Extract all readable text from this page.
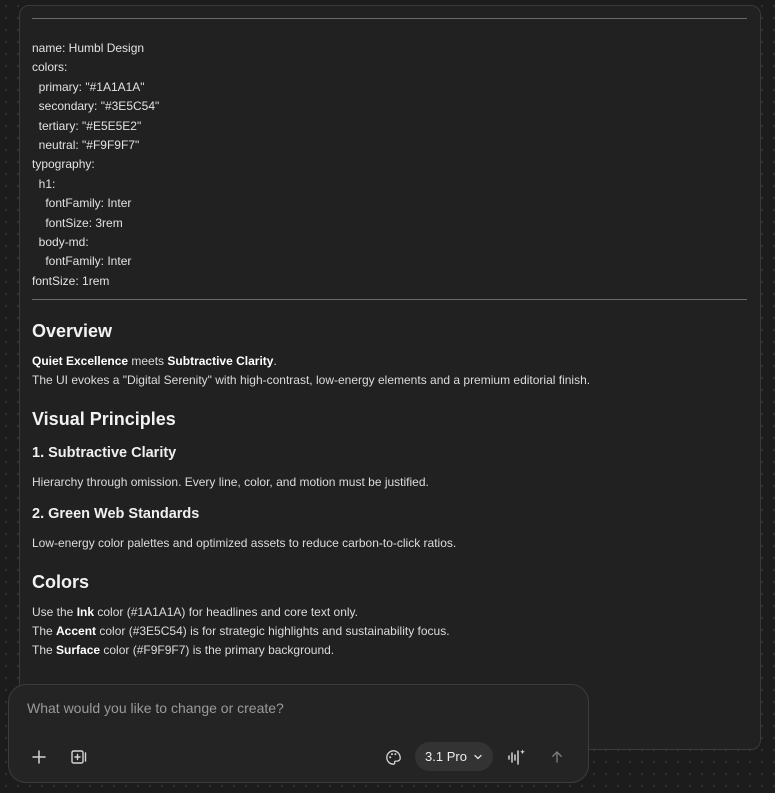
name: Humbl Design
colors:
primary: "#1A1A1A"
secondary: "#3E5C54"
tertiary: "#E5E5E2"
neutral: "#F9F9F7"
typography:
h1:
fontFamily: Inter
fontSize: 3rem
body-md:
fontFamily: Inter
fontSize: 1rem
Overview

Quiet Excellence meets Subtractive Clarity.

The UI evokes a "Digital Serenity" with high-contrast, low-energy elements and a premium editorial finish.

Visual Principles
1. Subtractive Clarity

Hierarchy through omission. Every line, color, and motion must be justified.

2. Green Web Standards

Low-energy color palettes and optimized assets to reduce carbon-to-click ratios.

Colors

Use the Ink color (#1A1A1A) for headlines and core text only.

The Accent color (#3E5C54) is for strategic highlights and sustainability focus.

The Surface color (#F9F9F7) is the primary background.

What would you like to change or create?
3.1 Pro
